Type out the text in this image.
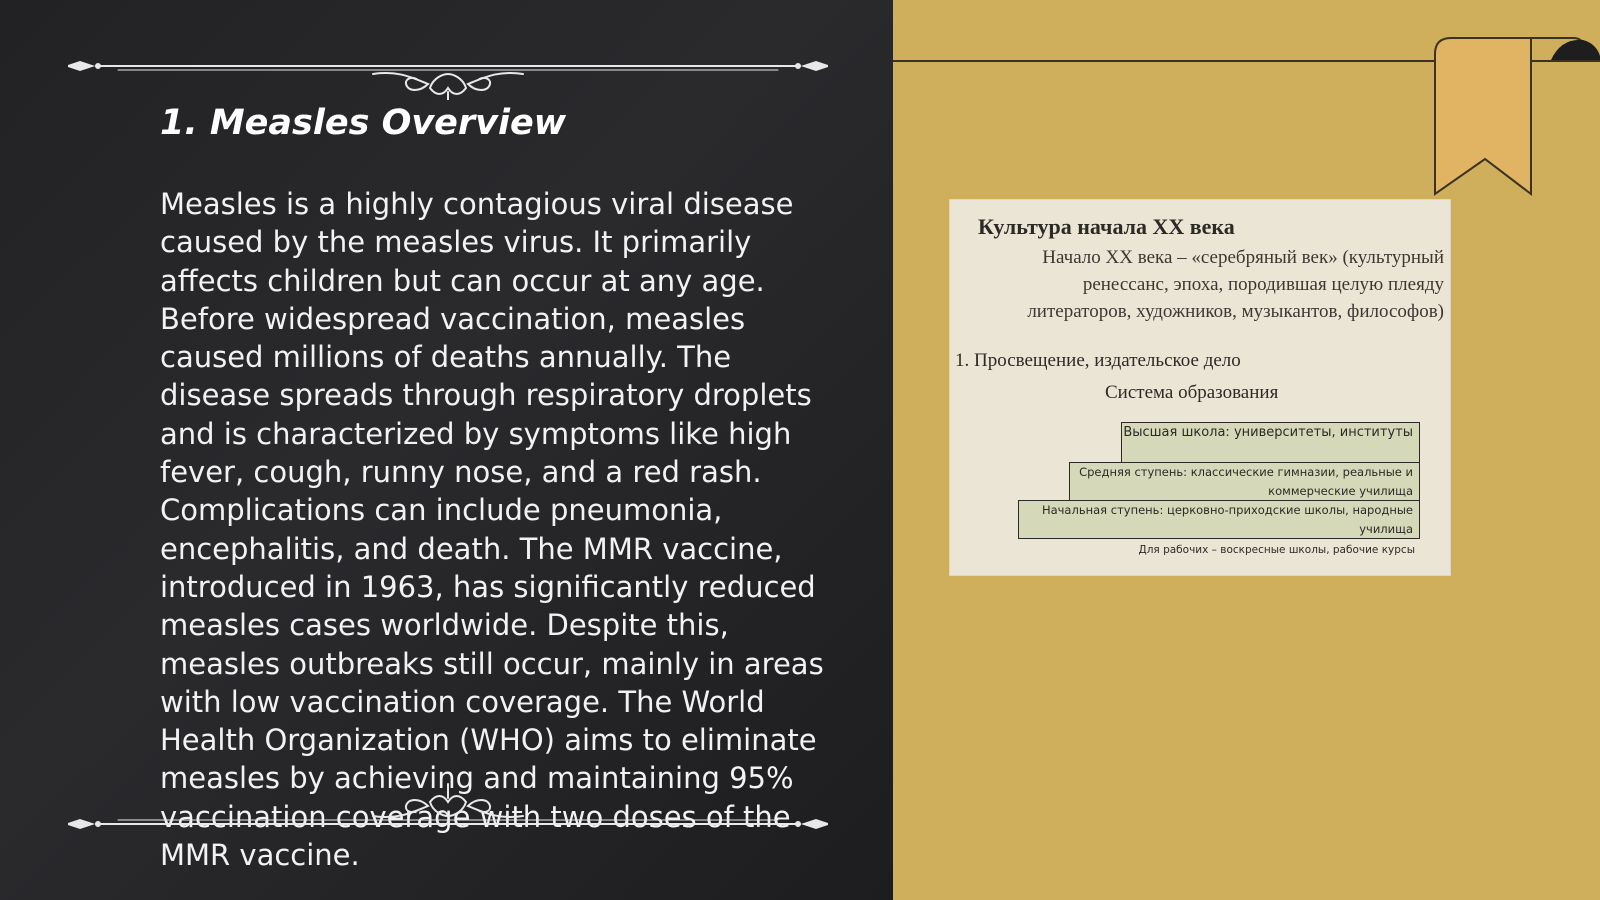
1. Measles Overview

Measles is a highly contagious viral disease caused by the measles virus. It primarily affects children but can occur at any age. Before widespread vaccination, measles caused millions of deaths annually. The disease spreads through respiratory droplets and is characterized by symptoms like high fever, cough, runny nose, and a red rash. Complications can include pneumonia, encephalitis, and death. The MMR vaccine, introduced in 1963, has significantly reduced measles cases worldwide. Despite this, measles outbreaks still occur, mainly in areas with low vaccination coverage. The World Health Organization (WHO) aims to eliminate measles by achieving and maintaining 95% vaccination coverage with two doses of the MMR vaccine.

Культура начала XX века
Начало XX века – «серебряный век» (культурный ренессанс, эпоха, породившая целую плеяду литераторов, художников, музыкантов, философов)
1. Просвещение, издательское дело
Система образования
Высшая школа: университеты, институты
Средняя ступень: классические гимназии, реальные и коммерческие училища
Начальная ступень: церковно-приходские школы, народные училища
Для рабочих – воскресные школы, рабочие курсы
